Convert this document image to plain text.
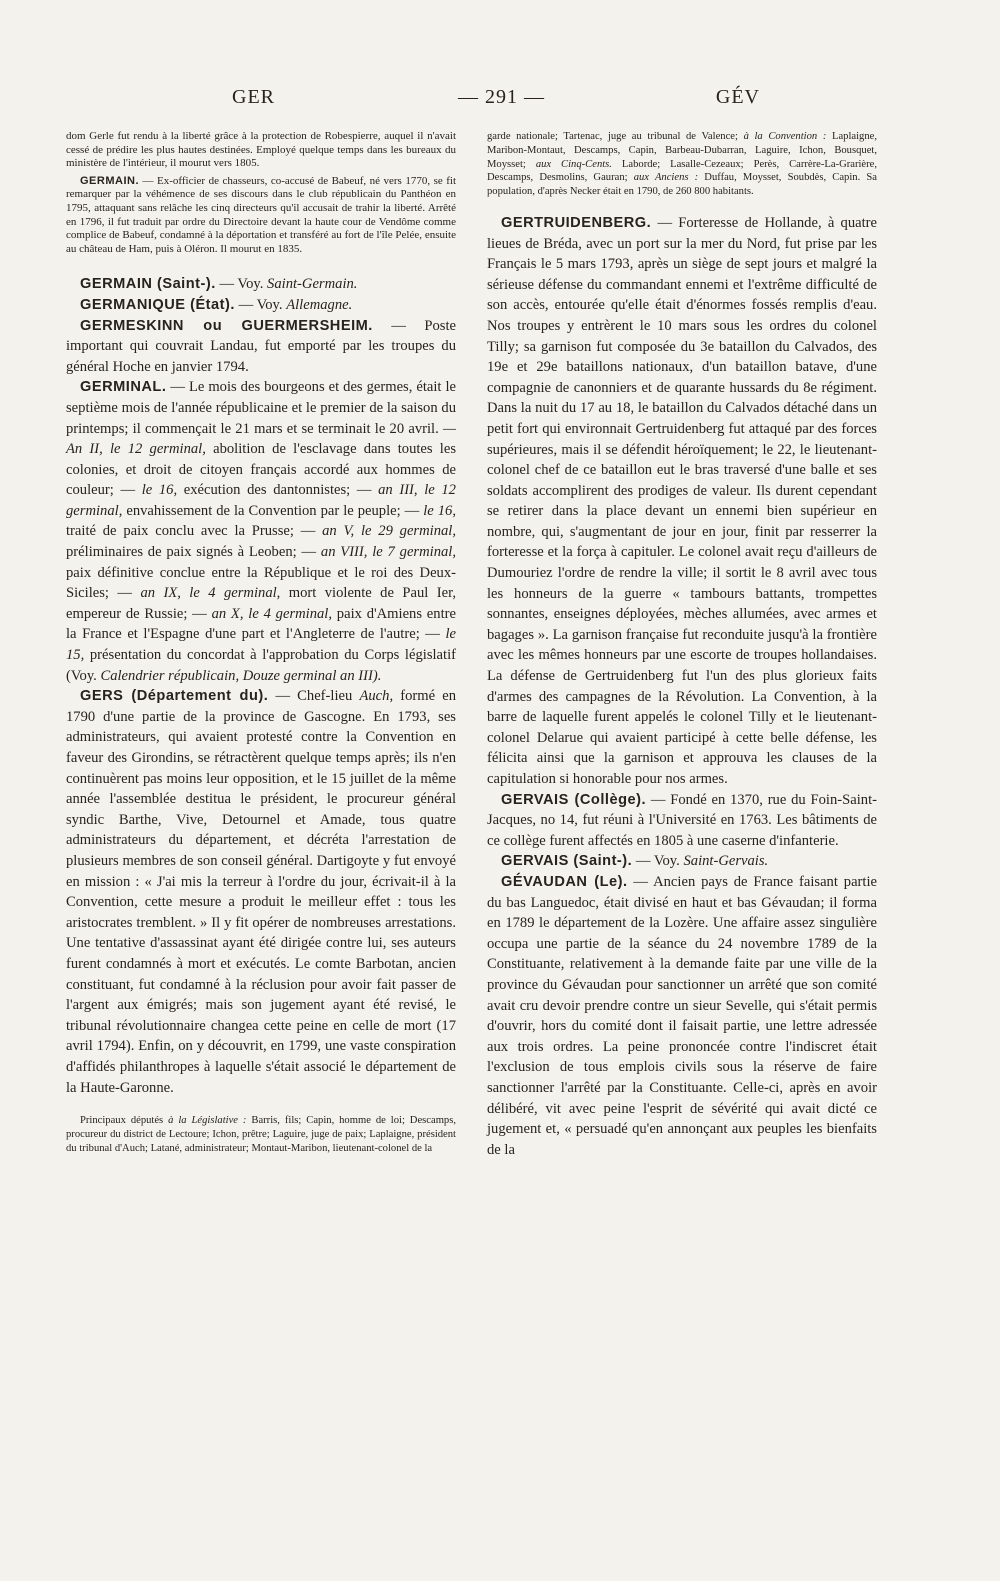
GER	— 291 —	GÉV

dom Gerle fut rendu à la liberté grâce à la protection de Robespierre, auquel il n'avait cessé de prédire les plus hautes destinées. Employé quelque temps dans les bureaux du ministère de l'intérieur, il mourut vers 1805.

GERMAIN. — Ex-officier de chasseurs, co-accusé de Babeuf, né vers 1770, se fit remarquer par la véhémence de ses discours dans le club républicain du Panthéon en 1795, attaquant sans relâche les cinq directeurs qu'il accusait de trahir la liberté. Arrêté en 1796, il fut traduit par ordre du Directoire devant la haute cour de Vendôme comme complice de Babeuf, condamné à la déportation et transféré au fort de l'île Pelée, ensuite au château de Ham, puis à Oléron. Il mourut en 1835.

GERMAIN (Saint-). — Voy. Saint-Germain.

GERMANIQUE (État). — Voy. Allemagne.

GERMESKINN ou GUERMERSHEIM. — Poste important qui couvrait Landau, fut emporté par les troupes du général Hoche en janvier 1794.

GERMINAL. — Le mois des bourgeons et des germes, était le septième mois de l'année républicaine et le premier de la saison du printemps; il commençait le 21 mars et se terminait le 20 avril. — An II, le 12 germinal, abolition de l'esclavage dans toutes les colonies, et droit de citoyen français accordé aux hommes de couleur; — le 16, exécution des dantonnistes; — an III, le 12 germinal, envahissement de la Convention par le peuple; — le 16, traité de paix conclu avec la Prusse; — an V, le 29 germinal, préliminaires de paix signés à Leoben; — an VIII, le 7 germinal, paix définitive conclue entre la République et le roi des Deux-Siciles; — an IX, le 4 germinal, mort violente de Paul Ier, empereur de Russie; — an X, le 4 germinal, paix d'Amiens entre la France et l'Espagne d'une part et l'Angleterre de l'autre; — le 15, présentation du concordat à l'approbation du Corps législatif (Voy. Calendrier républicain, Douze germinal an III).

GERS (Département du). — Chef-lieu Auch, formé en 1790 d'une partie de la province de Gascogne. En 1793, ses administrateurs, qui avaient protesté contre la Convention en faveur des Girondins, se rétractèrent quelque temps après; ils n'en continuèrent pas moins leur opposition, et le 15 juillet de la même année l'assemblée destitua le président, le procureur général syndic Barthe, Vive, Detournel et Amade, tous quatre administrateurs du département, et décréta l'arrestation de plusieurs membres de son conseil général. Dartigoyte y fut envoyé en mission : « J'ai mis la terreur à l'ordre du jour, écrivait-il à la Convention, cette mesure a produit le meilleur effet : tous les aristocrates tremblent. » Il y fit opérer de nombreuses arrestations. Une tentative d'assassinat ayant été dirigée contre lui, ses auteurs furent condamnés à mort et exécutés. Le comte Barbotan, ancien constituant, fut condamné à la réclusion pour avoir fait passer de l'argent aux émigrés; mais son jugement ayant été revisé, le tribunal révolutionnaire changea cette peine en celle de mort (17 avril 1794). Enfin, on y découvrit, en 1799, une vaste conspiration d'affidés philanthropes à laquelle s'était associé le département de la Haute-Garonne.

Principaux députés à la Législative : Barris, fils; Capin, homme de loi; Descamps, procureur du district de Lectoure; Ichon, prêtre; Laguire, juge de paix; Laplaigne, président du tribunal d'Auch; Latané, administrateur; Montaut-Maribon, lieutenant-colonel de la

garde nationale; Tartenac, juge au tribunal de Valence; à la Convention : Laplaigne, Maribon-Montaut, Descamps, Capin, Barbeau-Dubarran, Laguire, Ichon, Bousquet, Moysset; aux Cinq-Cents. Laborde; Lasalle-Cezeaux; Perès, Carrère-La-Grarière, Descamps, Desmolins, Gauran; aux Anciens : Duffau, Moysset, Soubdès, Capin. Sa population, d'après Necker était en 1790, de 260 800 habitants.

GERTRUIDENBERG. — Forteresse de Hollande, à quatre lieues de Bréda, avec un port sur la mer du Nord, fut prise par les Français le 5 mars 1793, après un siège de sept jours et malgré la sérieuse défense du commandant ennemi et l'extrême difficulté de son accès, entourée qu'elle était d'énormes fossés remplis d'eau. Nos troupes y entrèrent le 10 mars sous les ordres du colonel Tilly; sa garnison fut composée du 3e bataillon du Calvados, des 19e et 29e bataillons nationaux, d'un bataillon batave, d'une compagnie de canonniers et de quarante hussards du 8e régiment. Dans la nuit du 17 au 18, le bataillon du Calvados détaché dans un petit fort qui environnait Gertruidenberg fut attaqué par des forces supérieures, mais il se défendit héroïquement; le 22, le lieutenant-colonel chef de ce bataillon eut le bras traversé d'une balle et ses soldats accomplirent des prodiges de valeur. Ils durent cependant se retirer dans la place devant un ennemi bien supérieur en nombre, qui, s'augmentant de jour en jour, finit par resserrer la forteresse et la força à capituler. Le colonel avait reçu d'ailleurs de Dumouriez l'ordre de rendre la ville; il sortit le 8 avril avec tous les honneurs de la guerre « tambours battants, trompettes sonnantes, enseignes déployées, mèches allumées, avec armes et bagages ». La garnison française fut reconduite jusqu'à la frontière avec les mêmes honneurs par une escorte de troupes hollandaises. La défense de Gertruidenberg fut l'un des plus glorieux faits d'armes des campagnes de la Révolution. La Convention, à la barre de laquelle furent appelés le colonel Tilly et le lieutenant-colonel Delarue qui avaient participé à cette belle défense, les félicita ainsi que la garnison et approuva les clauses de la capitulation si honorable pour nos armes.

GERVAIS (Collège). — Fondé en 1370, rue du Foin-Saint-Jacques, no 14, fut réuni à l'Université en 1763. Les bâtiments de ce collège furent affectés en 1805 à une caserne d'infanterie.

GERVAIS (Saint-). — Voy. Saint-Gervais.

GÉVAUDAN (Le). — Ancien pays de France faisant partie du bas Languedoc, était divisé en haut et bas Gévaudan; il forma en 1789 le département de la Lozère. Une affaire assez singulière occupa une partie de la séance du 24 novembre 1789 de la Constituante, relativement à la demande faite par une ville de la province du Gévaudan pour sanctionner un arrêté que son comité avait cru devoir prendre contre un sieur Sevelle, qui s'était permis d'ouvrir, hors du comité dont il faisait partie, une lettre adressée aux trois ordres. La peine prononcée contre l'indiscret était l'exclusion de tous emplois civils sous la réserve de faire sanctionner l'arrêté par la Constituante. Celle-ci, après en avoir délibéré, vit avec peine l'esprit de sévérité qui avait dicté ce jugement et, « persuadé qu'en annonçant aux peuples les bienfaits de la
